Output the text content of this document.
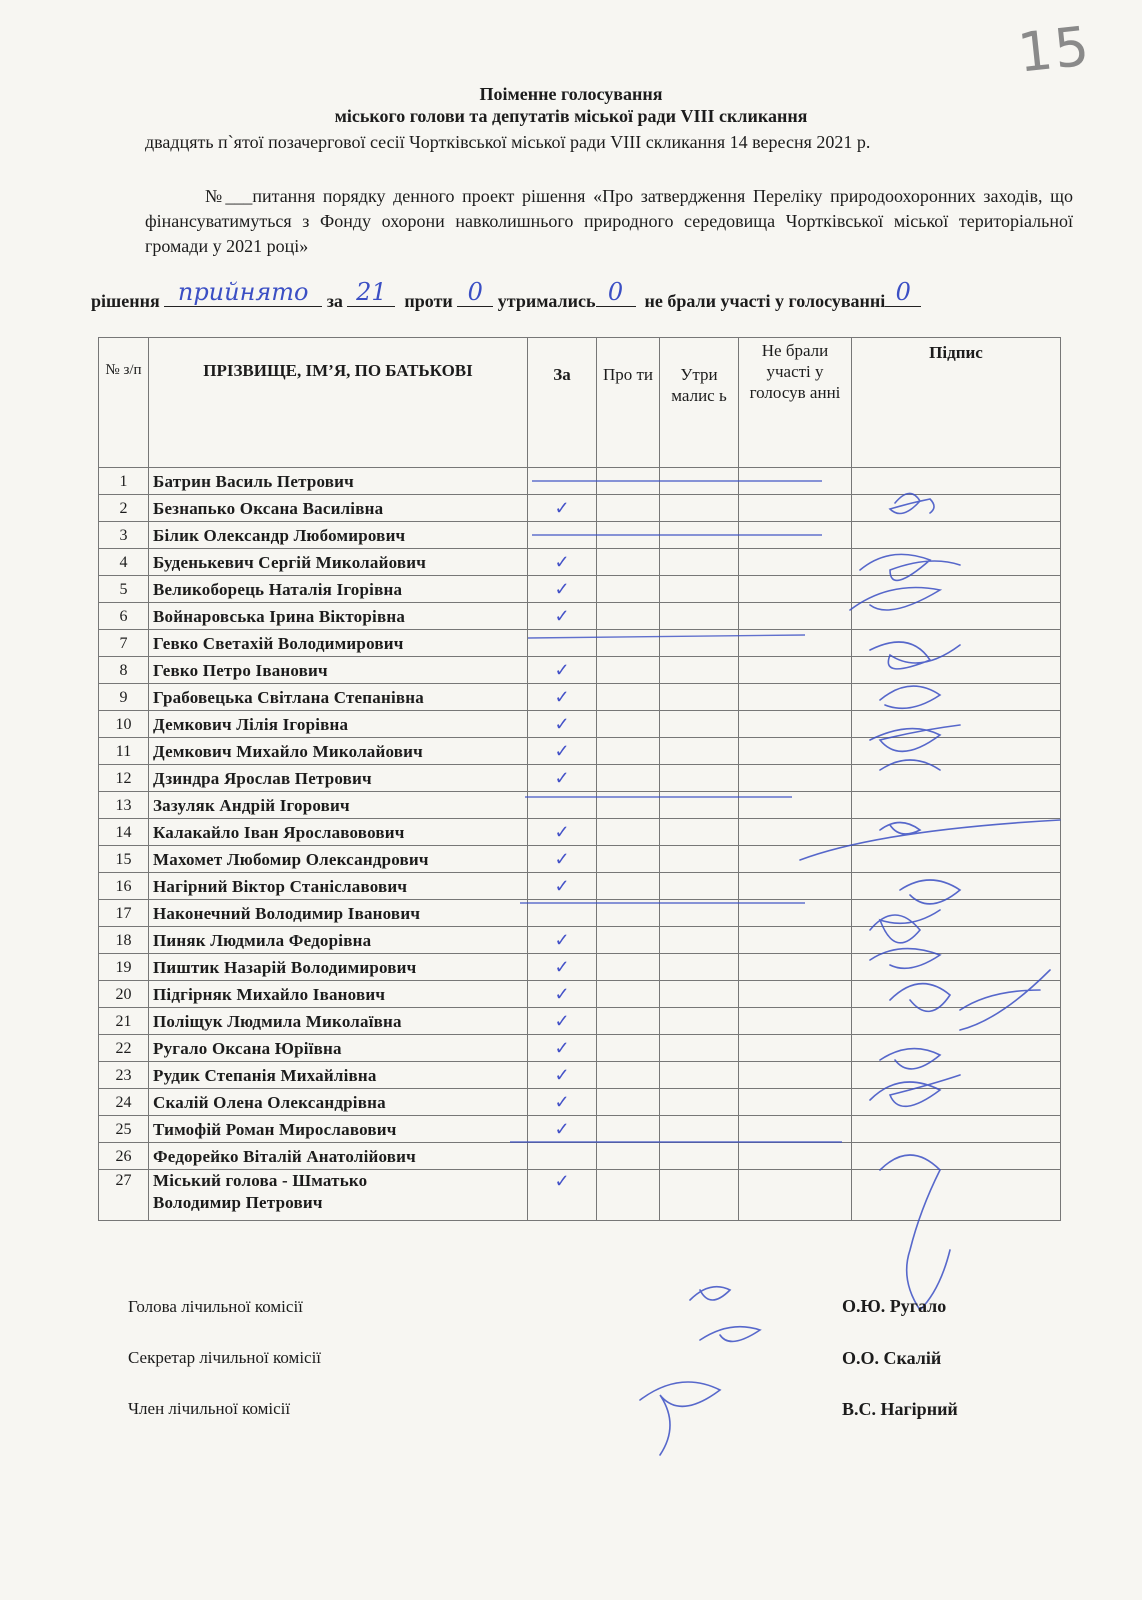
15
Поіменне голосування
міського голови та депутатів міської ради VIII скликання
двадцять п`ятої позачергової сесії Чортківської міської ради VIII скликання 14 вересня 2021 р.
№___питання порядку денного проект рішення «Про затвердження Переліку природоохоронних заходів, що фінансуватимуться з Фонду охорони навколишнього природного середовища Чортківської міської територіальної громади у 2021 році»
рішення прийнято	за 21 проти 0 утримались 0	не брали участі у голосуванні 0
№ з/п	ПРІЗВИЩЕ, ІМ’Я, ПО БАТЬКОВІ	За	Про ти	Утри малис ь	Не брали участі у голосув анні	Підпис
1	Батрин Василь Петрович					
2	Безнапько Оксана Василівна	✓				
3	Білик Олександр Любомирович					
4	Буденькевич Сергій Миколайович	✓				
5	Великоборець Наталія Ігорівна	✓				
6	Войнаровська Ірина Вікторівна	✓				
7	Гевко Светахій Володимирович					
8	Гевко Петро Іванович	✓				
9	Грабовецька Світлана Степанівна	✓				
10	Демкович Лілія Ігорівна	✓				
11	Демкович Михайло Миколайович	✓				
12	Дзиндра Ярослав Петрович	✓				
13	Зазуляк Андрій Ігорович					
14	Калакайло Іван Ярославовович	✓				
15	Махомет Любомир Олександрович	✓				
16	Нагірний Віктор Станіславович	✓				
17	Наконечний Володимир Іванович					
18	Пиняк Людмила Федорівна	✓				
19	Пиштик Назарій Володимирович	✓				
20	Підгірняк Михайло Іванович	✓				
21	Поліщук Людмила Миколаївна	✓				
22	Ругало Оксана Юріївна	✓				
23	Рудик Степанія Михайлівна	✓				
24	Скалій Олена Олександрівна	✓				
25	Тимофій Роман Мирославович	✓				
26	Федорейко Віталій Анатолійович					
27	Міський голова - Шматько
Володимир Петрович	✓				
Голова лічильної комісії	О.Ю. Ругало
Секретар лічильної комісії	О.О. Скалій
Член лічильної комісії	В.С. Нагірний
